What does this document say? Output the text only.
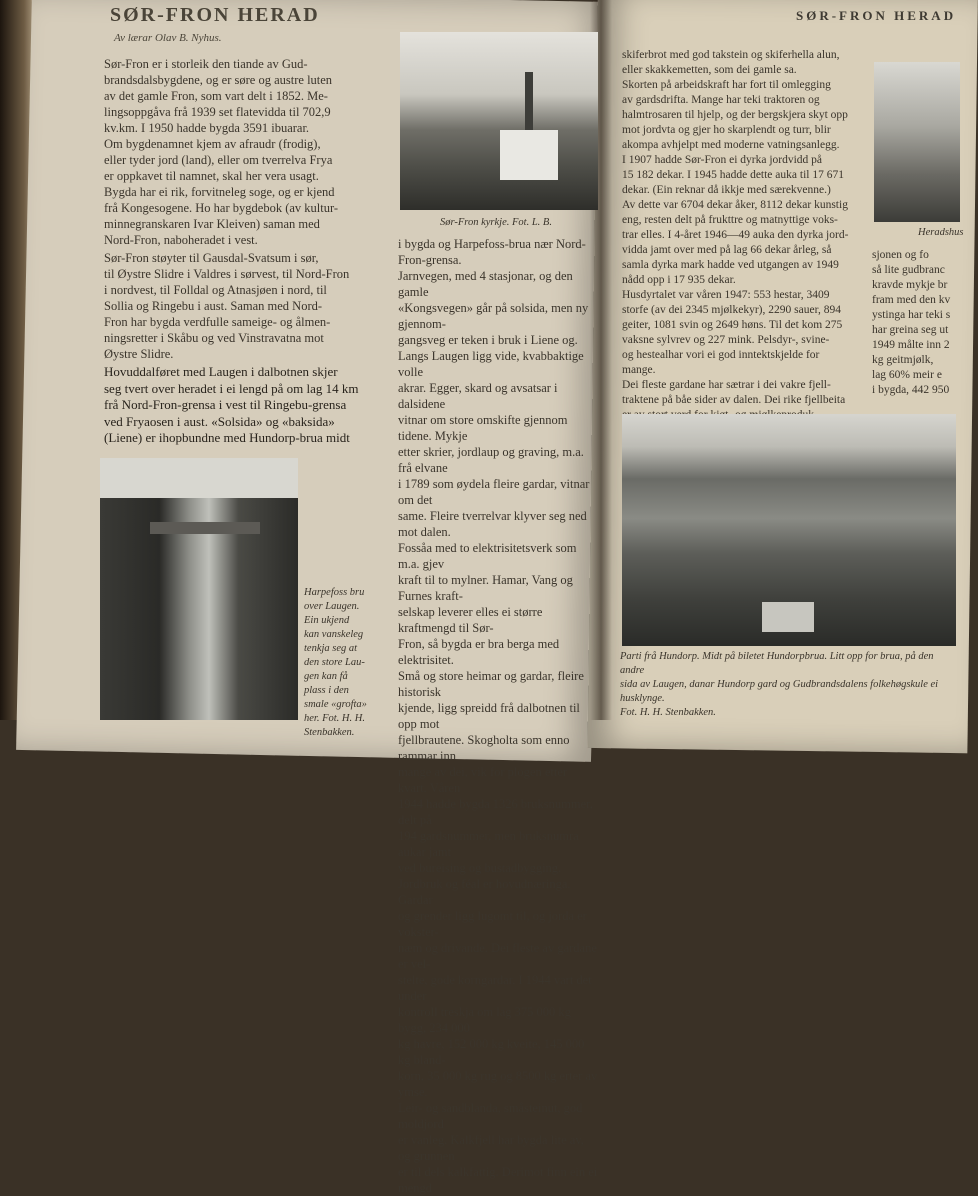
SØR-FRON HERAD
Av lærar Olav B. Nyhus.
Sør-Fron er i storleik den tiande av Gud-
brandsdalsbygdene, og er søre og austre luten
av det gamle Fron, som vart delt i 1852. Me-
lingsoppgåva frå 1939 set flatevidda til 702,9
kv.km. I 1950 hadde bygda 3591 ibuarar.
Om bygdenamnet kjem av afraudr (frodig),
eller tyder jord (land), eller om tverrelva Frya
er oppkavet til namnet, skal her vera usagt.
Bygda har ei rik, forvitneleg soge, og er kjend
frå Kongesogene. Ho har bygdebok (av kultur-
minnegranskaren Ivar Kleiven) saman med
Nord-Fron, naboheradet i vest.
Sør-Fron støyter til Gausdal-Svatsum i sør,
til Øystre Slidre i Valdres i sørvest, til Nord-Fron
i nordvest, til Folldal og Atnasjøen i nord, til
Sollia og Ringebu i aust. Saman med Nord-
Fron har bygda verdfulle sameige- og ålmen-
ningsretter i Skåbu og ved Vinstravatna mot
Øystre Slidre.
Hovuddalføret med Laugen i dalbotnen skjer
seg tvert over heradet i ei lengd på om lag 14 km
frå Nord-Fron-grensa i vest til Ringebu-grensa
ved Fryaosen i aust. «Solsida» og «baksida»
(Liene) er ihopbundne med Hundorp-brua midt
Sør-Fron kyrkje. Fot. L. B.
i bygda og Harpefoss-brua nær Nord-Fron-grensa.
Jarnvegen, med 4 stasjonar, og den gamle
«Kongsvegen» går på solsida, men ny gjennom-
gangsveg er teken i bruk i Liene og.
Langs Laugen ligg vide, kvabbaktige volle
akrar. Egger, skard og avsatsar i dalsidene
vitnar om store omskifte gjennom tidene. Mykje
etter skrier, jordlaup og graving, m.a. frå elvane
i 1789 som øydela fleire gardar, vitnar om det
same. Fleire tverrelvar klyver seg ned mot dalen.
Fossåa med to elektrisitetsverk som m.a. gjev
kraft til to mylner. Hamar, Vang og Furnes kraft-
selskap leverer elles ei større kraftmengd til Sør-
Fron, så bygda er bra berga med elektrisitet.
Små og store heimar og gardar, fleire historisk
kjende, ligg spreidd frå dalbotnen til opp mot
fjellbrautene. Skogholta som enno rammar inn
mange av dei, vik for plogen etter kvart. Våren
1944 hadde bygda 1326 bruksnummer, delt på
194 gardsnummer, men bruksnumra aukar jamt
ved bureising og bustadbygging.
Jordbruk og féal er hovudnæringa. Gardar
og grender ligg lugomt til, og jorda er vokster-
næm og drivande. Dei fleste av gardane er vel-
stelte, gode korngardar. I 1944 vart det under
kontroll treskja om lag 375 000 kg bygg, 234 000
kg havre, 152 000 kg kveite, 145 000 kg bland-
korn, 35 000 kg rug og 8500 kg erter av ymse.
Leir- og sandblanda, småsteinut, god moldjord
er vanleg. Kalkfjell har bygda lite av, og grunnen
er til dels kalkfattig. Derimot finn ein ei mengd
Harpefoss bru
over Laugen.
Ein ukjend
kan vanskeleg
tenkja seg at
den store Lau-
gen kan få
plass i den
smale «grofta»
her. Fot. H. H.
Stenbakken.
SØR-FRON HERAD
skiferbrot med god takstein og skiferhella alun,
eller skakkemetten, som dei gamle sa.
Skorten på arbeidskraft har fort til omlegging
av gardsdrifta. Mange har teki traktoren og
halmtrosaren til hjelp, og der bergskjera skyt opp
mot jordvta og gjer ho skarplendt og turr, blir
akompa avhjelpt med moderne vatningsanlegg.
I 1907 hadde Sør-Fron ei dyrka jordvidd på
15 182 dekar. I 1945 hadde dette auka til 17 671
dekar. (Ein reknar då ikkje med særekvenne.)
Av dette var 6704 dekar åker, 8112 dekar kunstig
eng, resten delt på frukttre og matnyttige voks-
trar elles. I 4-året 1946—49 auka den dyrka jord-
vidda jamt over med på lag 66 dekar årleg, så
samla dyrka mark hadde ved utgangen av 1949
nådd opp i 17 935 dekar.
Husdyrtalet var våren 1947: 553 hestar, 3409
storfe (av dei 2345 mjølkekyr), 2290 sauer, 894
geiter, 1081 svin og 2649 høns. Til det kom 275
vaksne sylvrev og 227 mink. Pelsdyr-, svine-
og hestealhar vori ei god inntektskjelde for
mange.
Dei fleste gardane har sætrar i dei vakre fjell-
traktene på båe sider av dalen. Dei rike fjellbeita

Heradshus
sjonen og fo
så lite gudbranc
kravde mykje br
fram med den kv
ystinga har teki s
har greina seg ut
1949 målte inn 2
kg geitmjølk,
lag 60% meir e
i bygda, 442 950
Parti frå Hundorp. Midt på biletet Hundorpbrua. Litt opp for brua, på den andre
sida av Laugen, danar Hundorp gard og Gudbrandsdalens folkehøgskule ei husklynge.
Fot. H. H. Stenbakken.
